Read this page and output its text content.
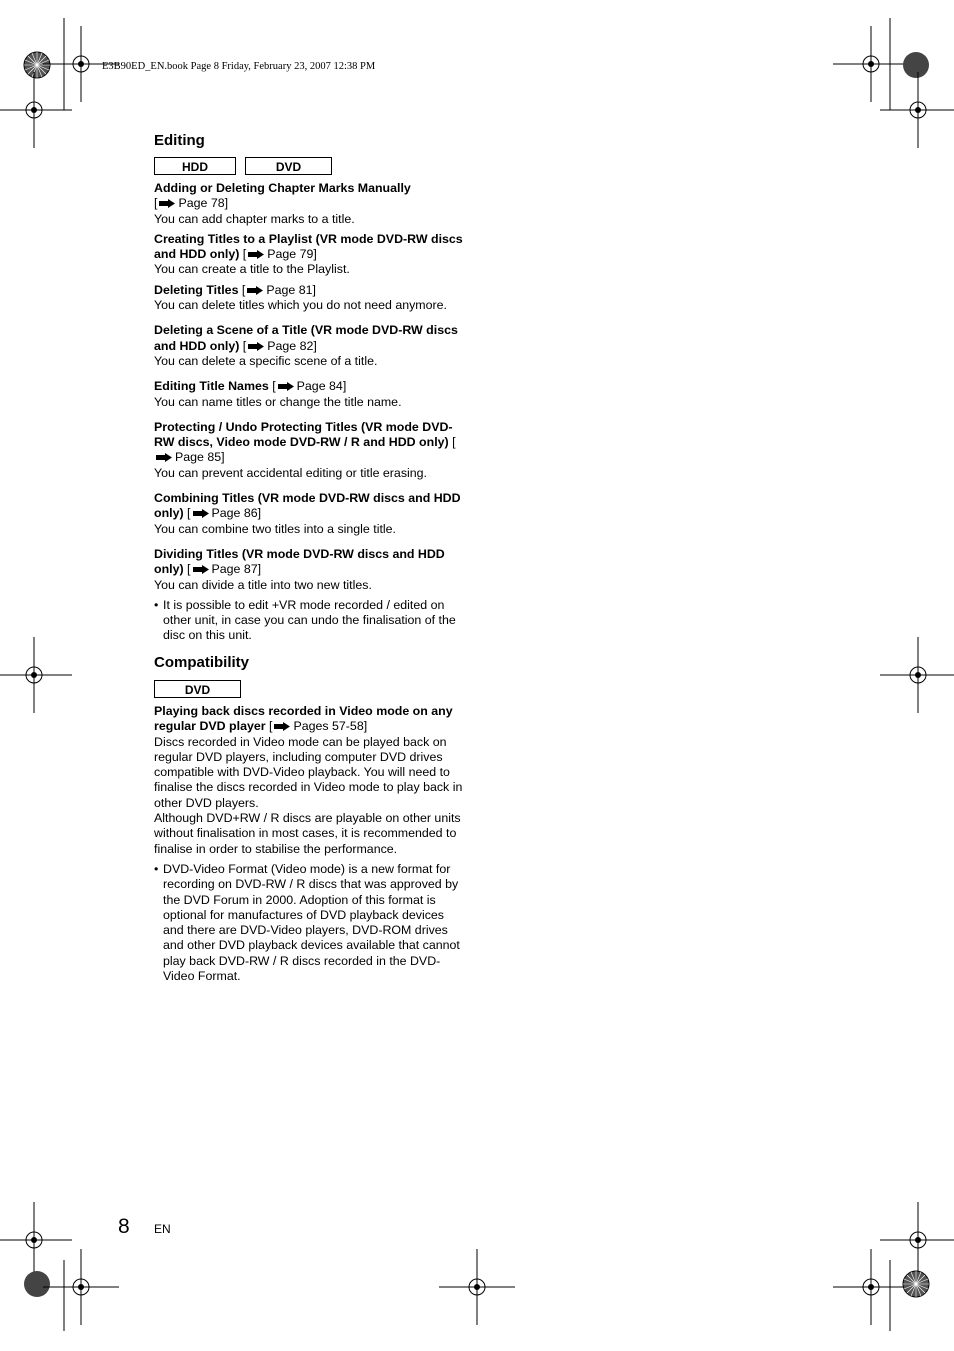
E3B90ED_EN.book Page 8 Friday, February 23, 2007 12:38 PM
Editing
HDD	DVD
Adding or Deleting Chapter Marks Manually
[ Page 78]
You can add chapter marks to a title.
Creating Titles to a Playlist (VR mode DVD-RW discs and HDD only) [ Page 79]
You can create a title to the Playlist.
Deleting Titles [ Page 81]
You can delete titles which you do not need anymore.
Deleting a Scene of a Title (VR mode DVD-RW discs and HDD only) [ Page 82]
You can delete a specific scene of a title.
Editing Title Names [ Page 84]
You can name titles or change the title name.
Protecting / Undo Protecting Titles (VR mode DVD-RW discs, Video mode DVD-RW / R and HDD only) [Page 85]
You can prevent accidental editing or title erasing.
Combining Titles (VR mode DVD-RW discs and HDD only) [ Page 86]
You can combine two titles into a single title.
Dividing Titles (VR mode DVD-RW discs and HDD only) [ Page 87]
You can divide a title into two new titles.
• It is possible to edit +VR mode recorded / edited on other unit, in case you can undo the finalisation of the disc on this unit.
Compatibility
DVD
Playing back discs recorded in Video mode on any regular DVD player [ Pages 57-58]

Discs recorded in Video mode can be played back on regular DVD players, including computer DVD drives compatible with DVD-Video playback. You will need to finalise the discs recorded in Video mode to play back in other DVD players.

Although DVD+RW / R discs are playable on other units without finalisation in most cases, it is recommended to finalise in order to stabilise the performance.

• DVD-Video Format (Video mode) is a new format for recording on DVD-RW / R discs that was approved by the DVD Forum in 2000. Adoption of this format is optional for manufactures of DVD playback devices and there are DVD-Video players, DVD-ROM drives and other DVD playback devices available that cannot play back DVD-RW / R discs recorded in the DVD-Video Format.
8 EN
